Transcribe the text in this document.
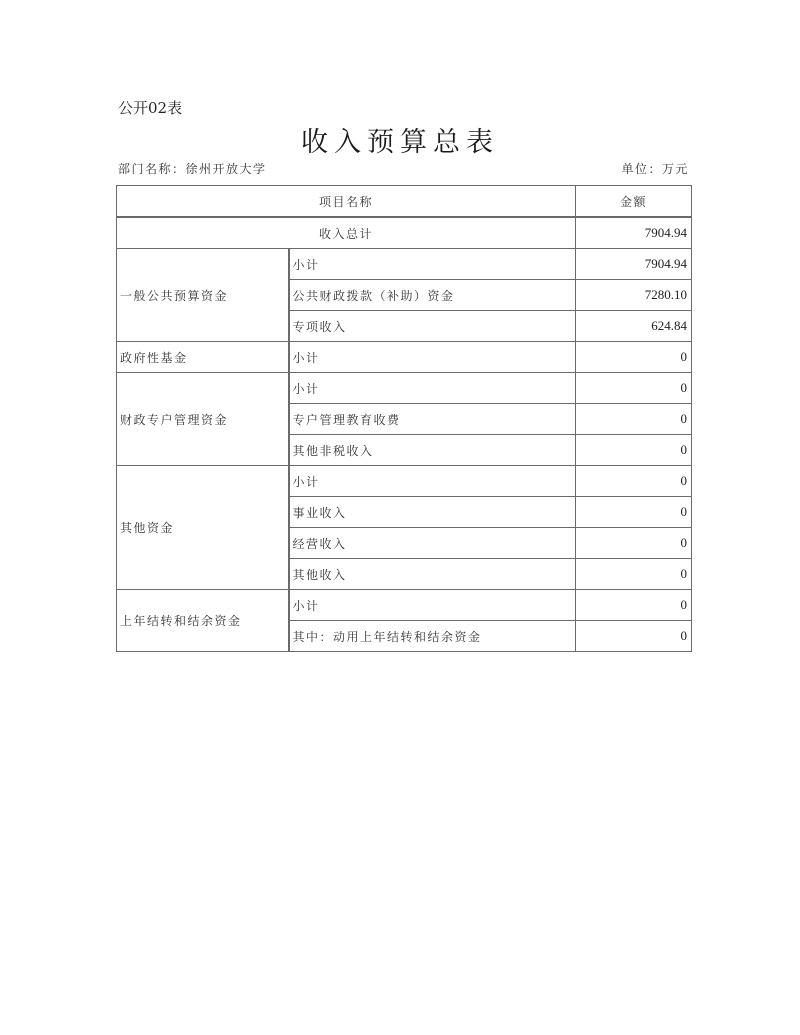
公开02表
收入预算总表
部门名称：徐州开放大学	单位：万元
项目名称		金额
收入总计		7904.94
一般公共预算资金	小计	7904.94
	公共财政拨款（补助）资金	7280.10
	专项收入	624.84
政府性基金	小计	0
财政专户管理资金	小计	0
	专户管理教育收费	0
	其他非税收入	0
其他资金	小计	0
	事业收入	0
	经营收入	0
	其他收入	0
上年结转和结余资金	小计	0
	其中：动用上年结转和结余资金	0
